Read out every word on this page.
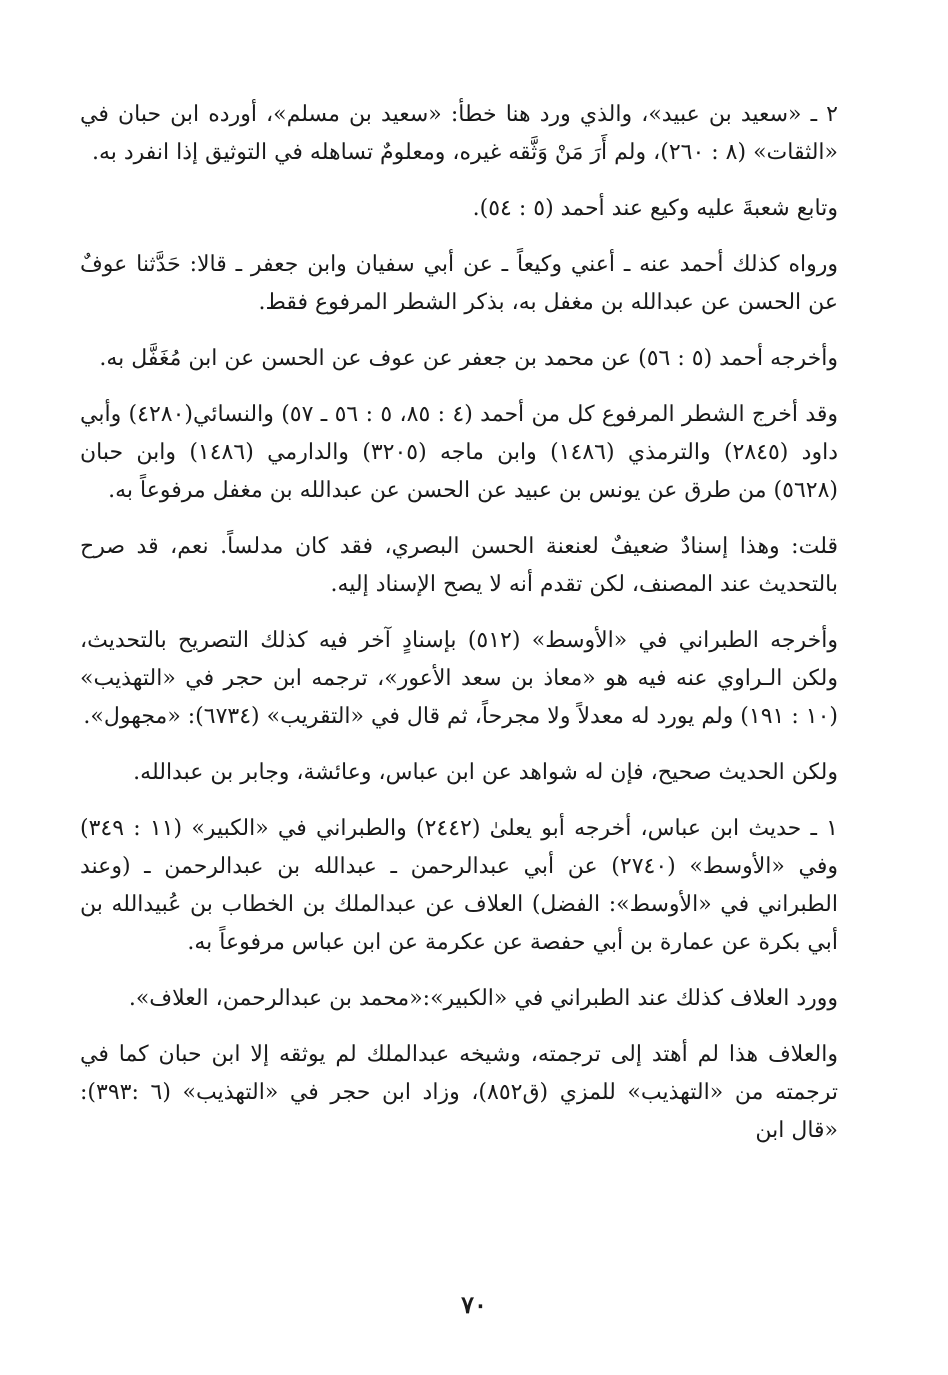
٢ ـ «سعيد بن عبيد»، والذي ورد هنا خطأ: «سعيد بن مسلم»، أورده ابن حبان في «الثقات» (٨ : ٢٦٠)، ولم أَرَ مَنْ وَثَّقه غيره، ومعلومٌ تساهله في التوثيق إذا انفرد به.

وتابع شعبةَ عليه وكيع عند أحمد (٥ : ٥٤).

ورواه كذلك أحمد عنه ـ أعني وكيعاً ـ عن أبي سفيان وابن جعفر ـ قالا: حَدَّثنا عوفٌ عن الحسن عن عبدالله بن مغفل به، بذكر الشطر المرفوع فقط.

وأخرجه أحمد (٥ : ٥٦) عن محمد بن جعفر عن عوف عن الحسن عن ابن مُغَفَّل به.

وقد أخرج الشطر المرفوع كل من أحمد (٤ : ٨٥، ٥ : ٥٦ ـ ٥٧) والنسائي(٤٢٨٠) وأبي داود (٢٨٤٥) والترمذي (١٤٨٦) وابن ماجه (٣٢٠٥) والدارمي (١٤٨٦) وابن حبان (٥٦٢٨) من طرق عن يونس بن عبيد عن الحسن عن عبدالله بن مغفل مرفوعاً به.

قلت: وهذا إسنادٌ ضعيفٌ لعنعنة الحسن البصري، فقد كان مدلساً. نعم، قد صرح بالتحديث عند المصنف، لكن تقدم أنه لا يصح الإسناد إليه.

وأخرجه الطبراني في «الأوسط» (٥١٢) بإسنادٍ آخر فيه كذلك التصريح بالتحديث، ولكن الـراوي عنه فيه هو «معاذ بن سعد الأعور»، ترجمه ابن حجر في «التهذيب» (١٠ : ١٩١) ولم يورد له معدلاً ولا مجرحاً، ثم قال في «التقريب» (٦٧٣٤): «مجهول».

ولكن الحديث صحيح، فإن له شواهد عن ابن عباس، وعائشة، وجابر بن عبدالله.

١ ـ حديث ابن عباس، أخرجه أبو يعلىٰ (٢٤٤٢) والطبراني في «الكبير» (١١ : ٣٤٩) وفي «الأوسط» (٢٧٤٠) عن أبي عبدالرحمن ـ عبدالله بن عبدالرحمن ـ (وعند الطبراني في «الأوسط»: الفضل) العلاف عن عبدالملك بن الخطاب بن عُبيدالله بن أبي بكرة عن عمارة بن أبي حفصة عن عكرمة عن ابن عباس مرفوعاً به.

وورد العلاف كذلك عند الطبراني في «الكبير»:«محمد بن عبدالرحمن، العلاف».

والعلاف هذا لم أهتد إلى ترجمته، وشيخه عبدالملك لم يوثقه إلا ابن حبان كما في ترجمته من «التهذيب» للمزي (ق٨٥٢)، وزاد ابن حجر في «التهذيب» (٦ :٣٩٣): «قال ابن

٧٠
